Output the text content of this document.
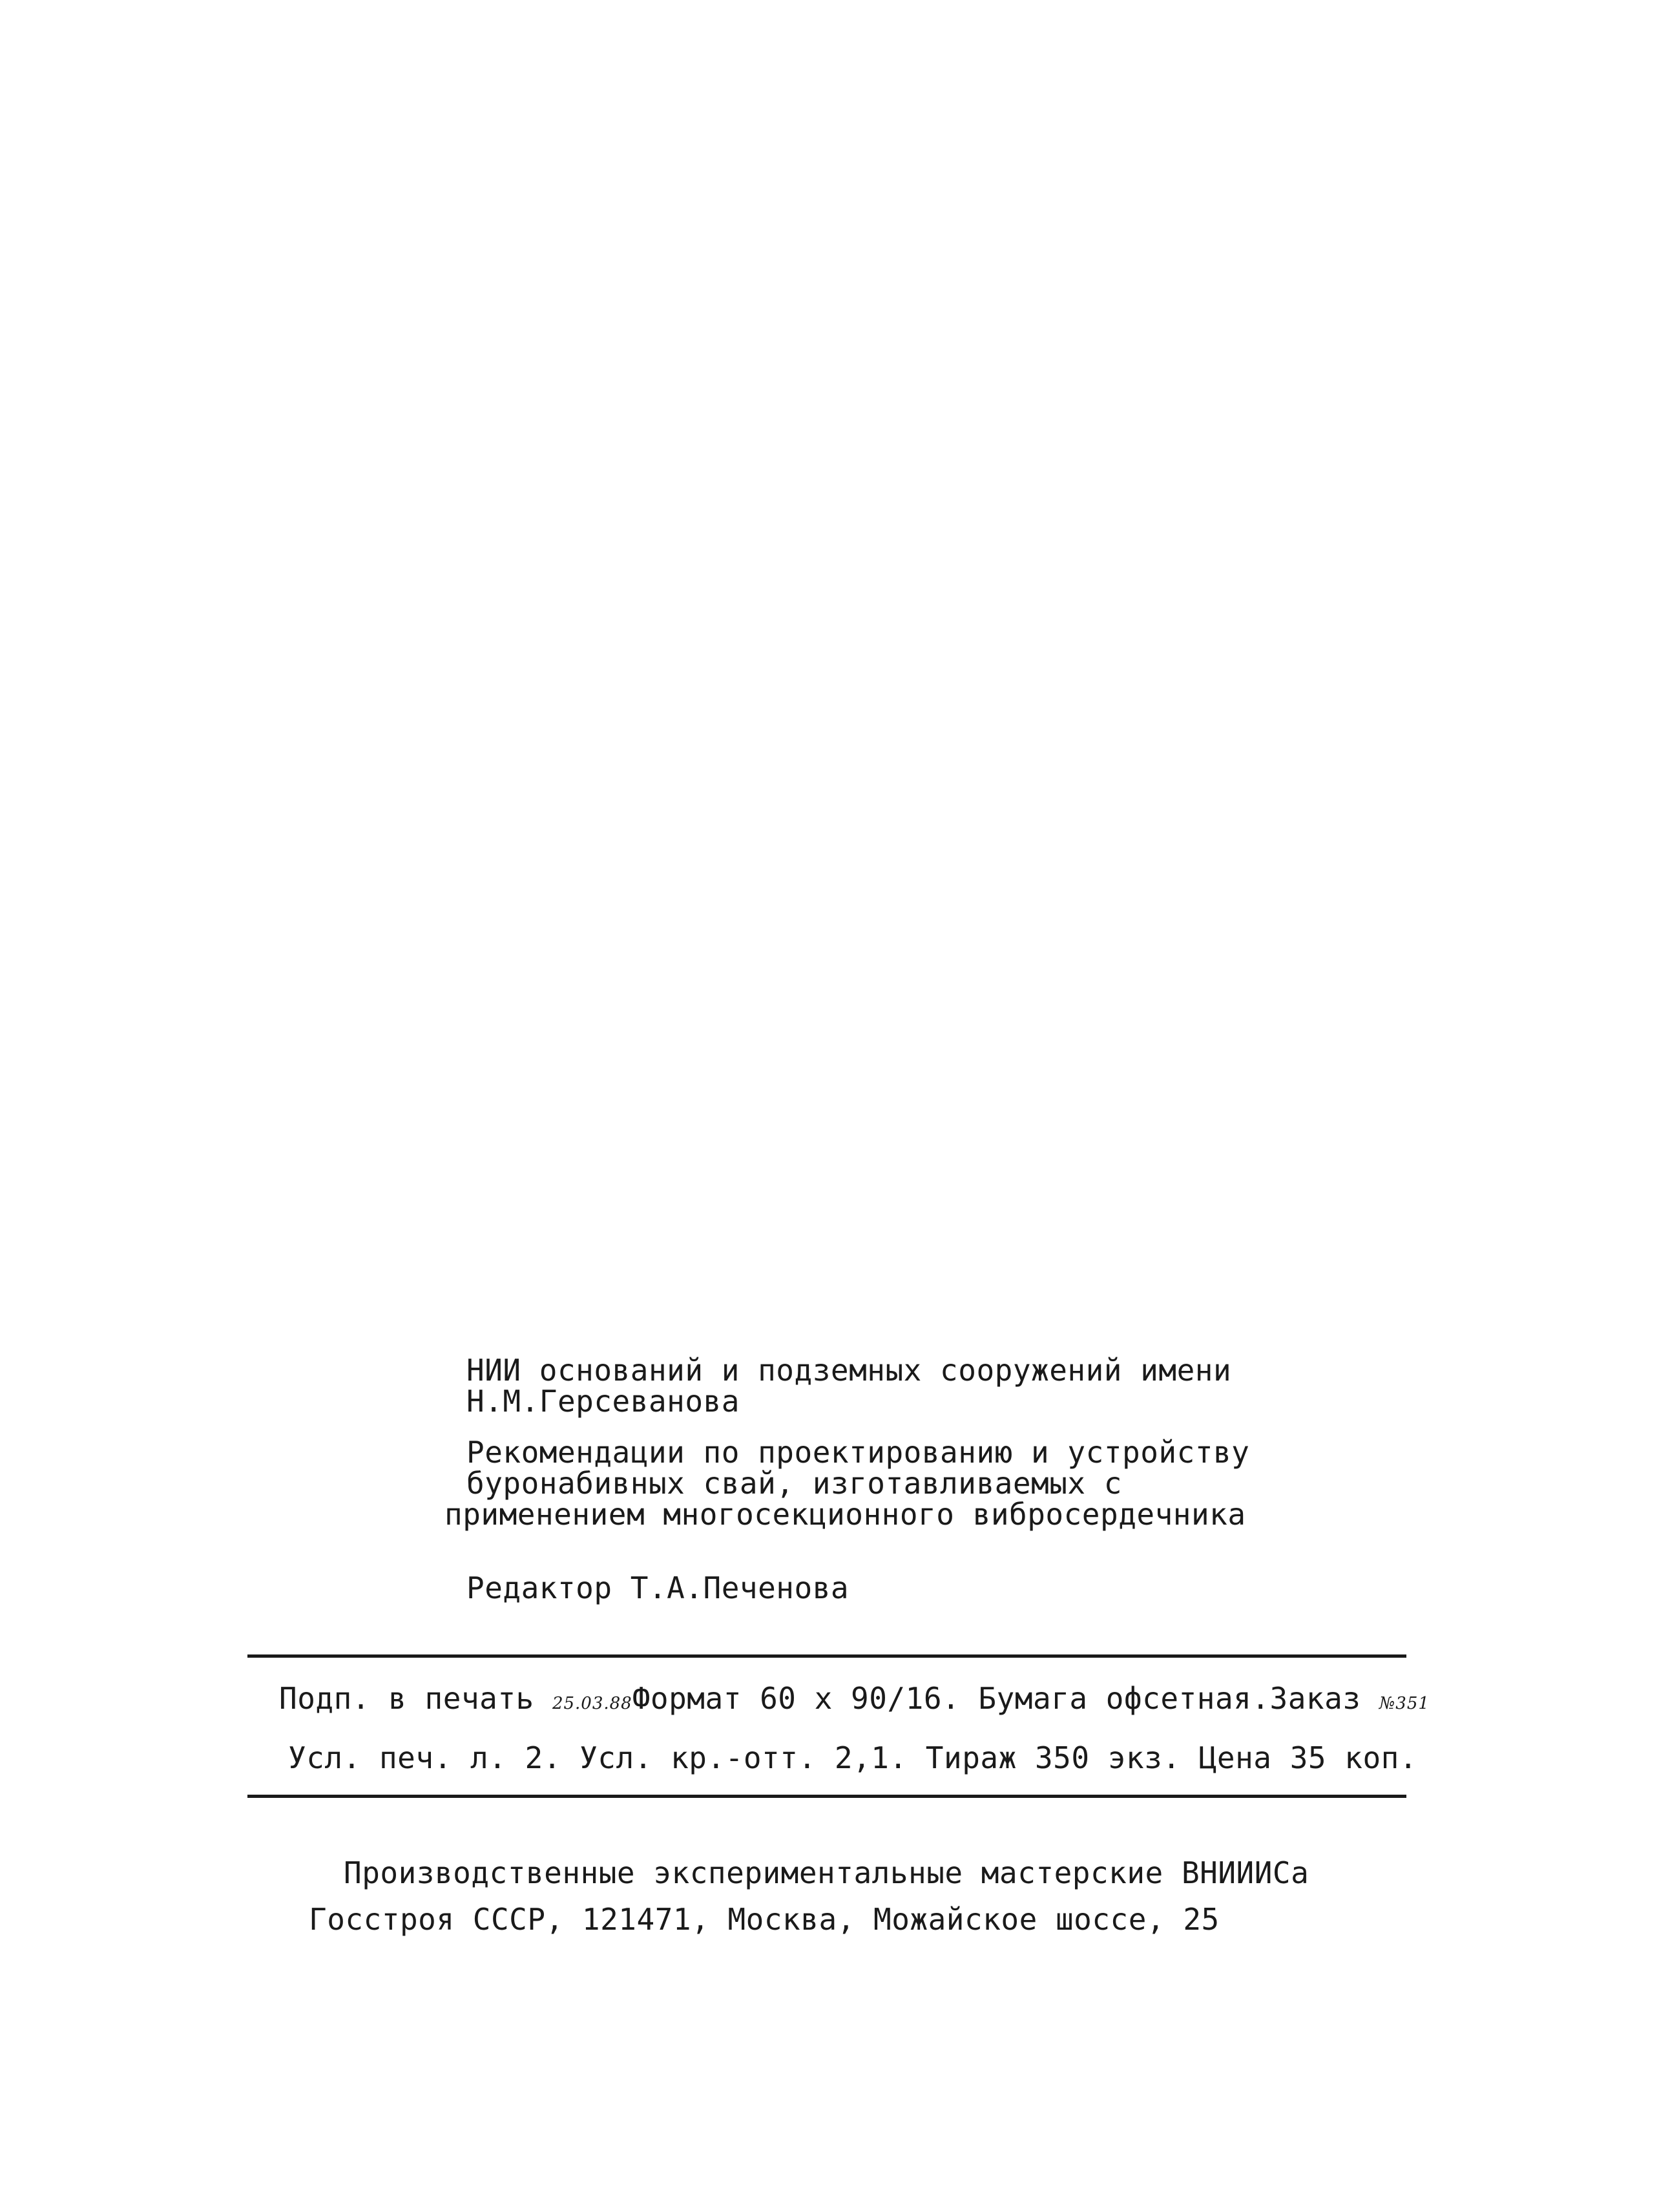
НИИ оснований и подземных сооружений имени
Н.М.Герсеванова
Рекомендации по проектированию и устройству
буронабивных свай, изготавливаемых с
применением многосекционного виброcердечника
Редактор Т.А.Печенова
Подп. в печать 25.03.88Формат 60 x 90/16. Бумага офсетная.Заказ №351
Усл. печ. л. 2. Усл. кр.-отт. 2,1. Тираж 350 экз. Цена 35 коп.
Производственные экспериментальные мастерские ВНИИИСа
Госстроя СССР, 121471, Москва, Можайское шоссе, 25
